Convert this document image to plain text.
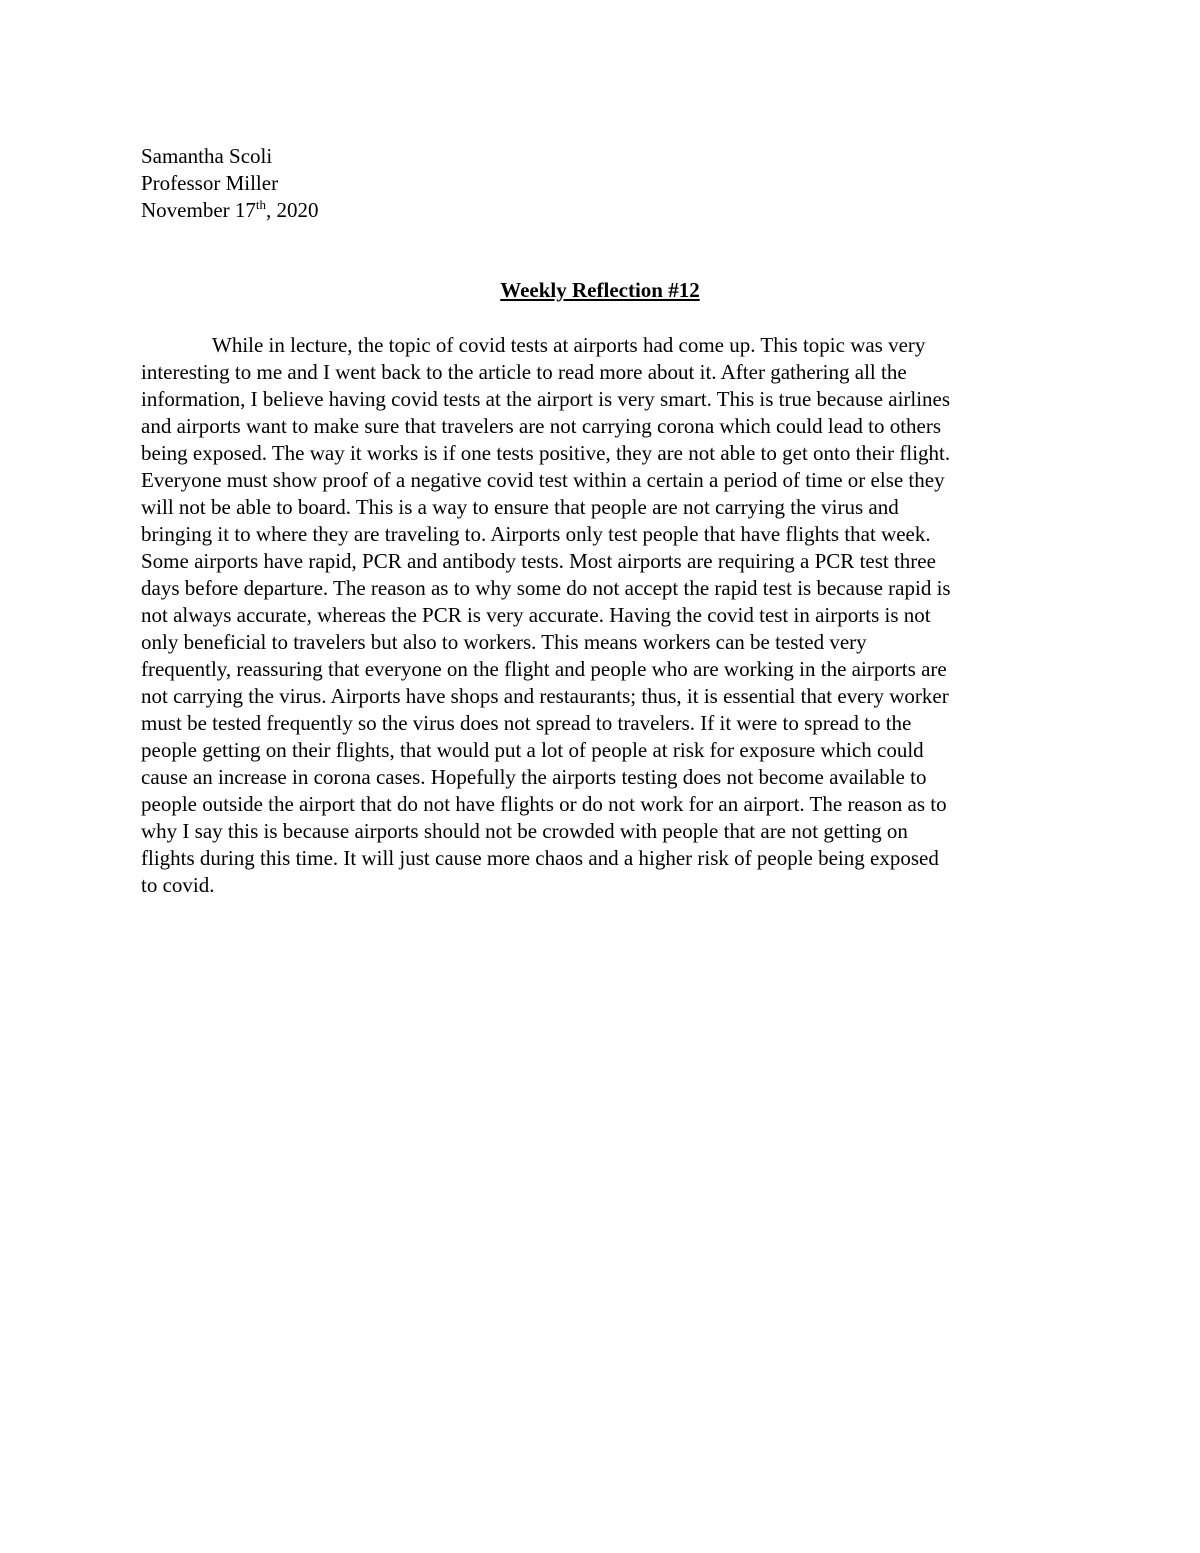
Samantha Scoli
Professor Miller
November 17th, 2020
Weekly Reflection #12
While in lecture, the topic of covid tests at airports had come up. This topic was very
interesting to me and I went back to the article to read more about it. After gathering all the
information, I believe having covid tests at the airport is very smart. This is true because airlines
and airports want to make sure that travelers are not carrying corona which could lead to others
being exposed. The way it works is if one tests positive, they are not able to get onto their flight.
Everyone must show proof of a negative covid test within a certain a period of time or else they
will not be able to board. This is a way to ensure that people are not carrying the virus and
bringing it to where they are traveling to. Airports only test people that have flights that week.
Some airports have rapid, PCR and antibody tests. Most airports are requiring a PCR test three
days before departure. The reason as to why some do not accept the rapid test is because rapid is
not always accurate, whereas the PCR is very accurate. Having the covid test in airports is not
only beneficial to travelers but also to workers. This means workers can be tested very
frequently, reassuring that everyone on the flight and people who are working in the airports are
not carrying the virus. Airports have shops and restaurants; thus, it is essential that every worker
must be tested frequently so the virus does not spread to travelers. If it were to spread to the
people getting on their flights, that would put a lot of people at risk for exposure which could
cause an increase in corona cases. Hopefully the airports testing does not become available to
people outside the airport that do not have flights or do not work for an airport. The reason as to
why I say this is because airports should not be crowded with people that are not getting on
flights during this time. It will just cause more chaos and a higher risk of people being exposed
to covid.
